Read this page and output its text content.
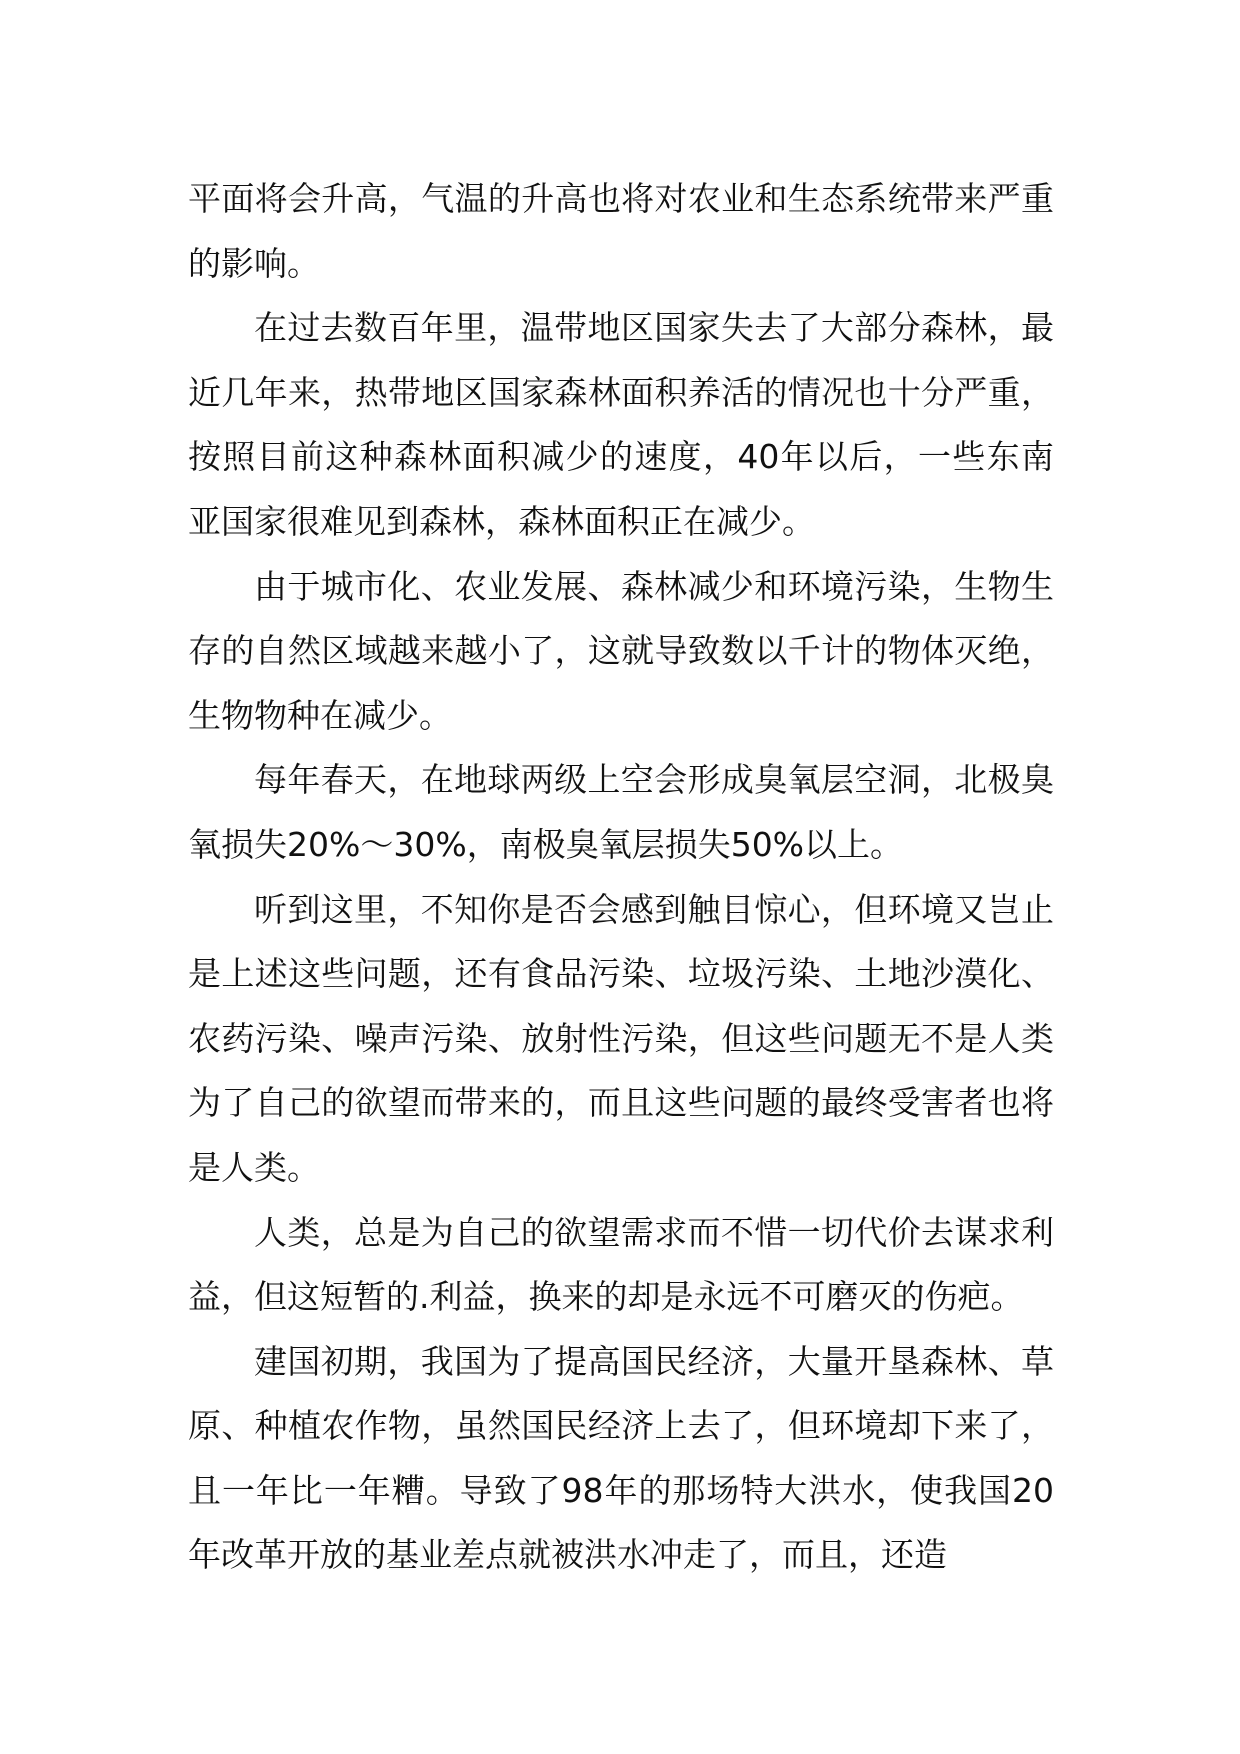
平面将会升高，气温的升高也将对农业和生态系统带来严重的影响。

在过去数百年里，温带地区国家失去了大部分森林，最近几年来，热带地区国家森林面积养活的情况也十分严重，按照目前这种森林面积减少的速度，40年以后，一些东南亚国家很难见到森林，森林面积正在减少。

由于城市化、农业发展、森林减少和环境污染，生物生存的自然区域越来越小了，这就导致数以千计的物体灭绝，生物物种在减少。

每年春天，在地球两级上空会形成臭氧层空洞，北极臭氧损失20%～30%，南极臭氧层损失50%以上。

听到这里，不知你是否会感到触目惊心，但环境又岂止是上述这些问题，还有食品污染、垃圾污染、土地沙漠化、农药污染、噪声污染、放射性污染，但这些问题无不是人类为了自己的欲望而带来的，而且这些问题的最终受害者也将是人类。

人类，总是为自己的欲望需求而不惜一切代价去谋求利益，但这短暂的.利益，换来的却是永远不可磨灭的伤疤。

建国初期，我国为了提高国民经济，大量开垦森林、草原、种植农作物，虽然国民经济上去了，但环境却下来了，且一年比一年糟。导致了98年的那场特大洪水，使我国20年改革开放的基业差点就被洪水冲走了，而且，还造
